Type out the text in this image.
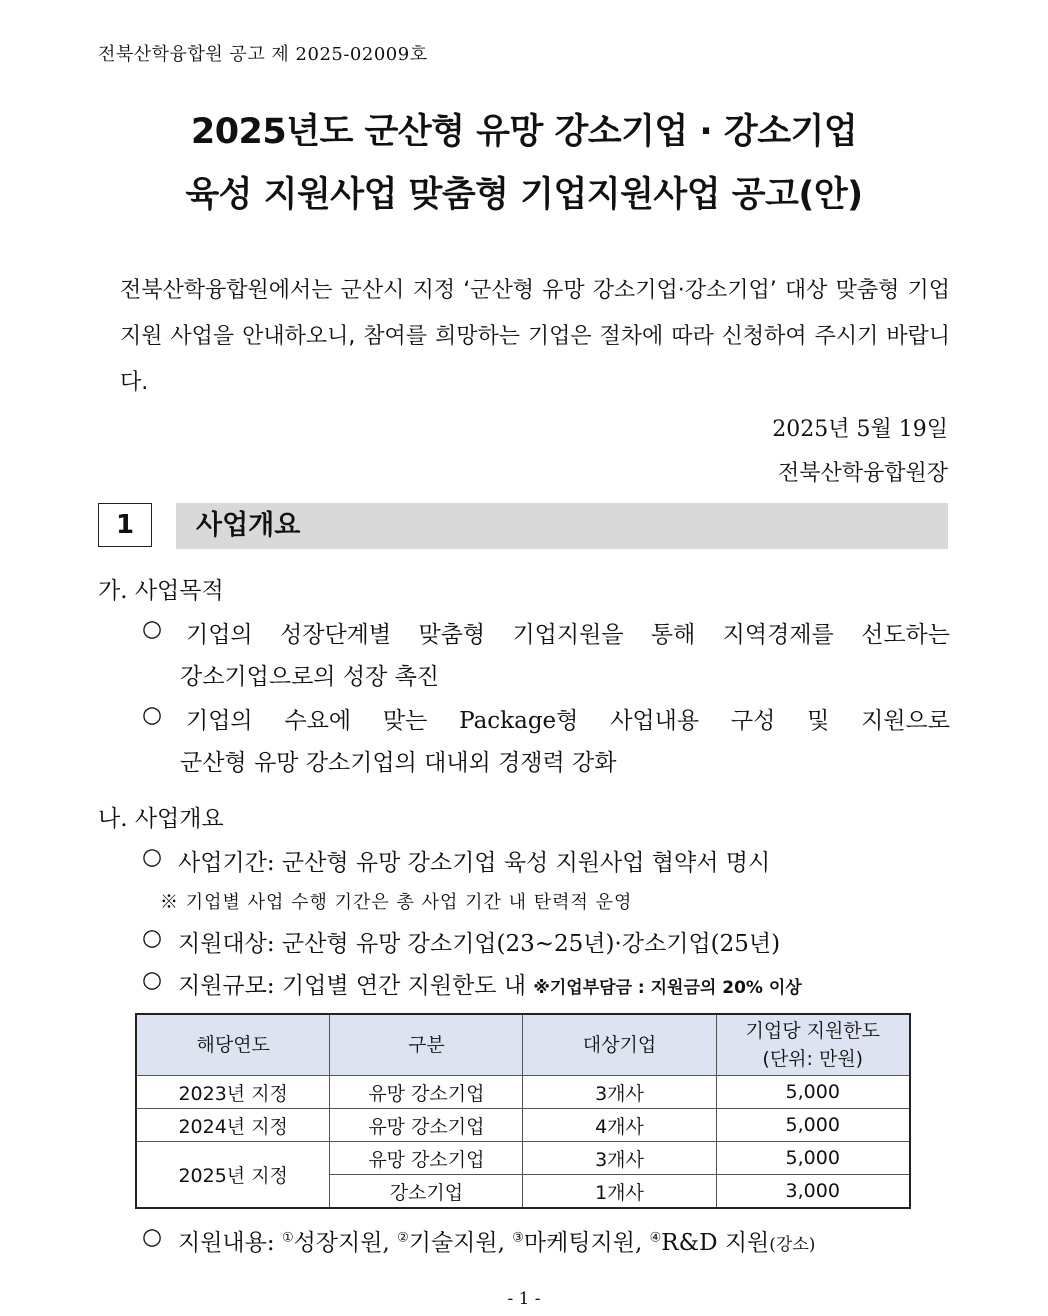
전북산학융합원 공고 제 2025-02009호
2025년도 군산형 유망 강소기업 · 강소기업
육성 지원사업 맞춤형 기업지원사업 공고(안)
전북산학융합원에서는 군산시 지정 ‘군산형 유망 강소기업·강소기업’ 대상 맞춤형 기업 지원 사업을 안내하오니, 참여를 희망하는 기업은 절차에 따라 신청하여 주시기 바랍니다.
2025년 5월 19일
전북산학융합원장
1	사업개요
가. 사업목적
○ 기업의 성장단계별 맞춤형 기업지원을 통해 지역경제를 선도하는
강소기업으로의 성장 촉진
○ 기업의 수요에 맞는 Package형 사업내용 구성 및 지원으로
군산형 유망 강소기업의 대내외 경쟁력 강화
나. 사업개요
○ 사업기간: 군산형 유망 강소기업 육성 지원사업 협약서 명시
※ 기업별 사업 수행 기간은 총 사업 기간 내 탄력적 운영
○ 지원대상: 군산형 유망 강소기업(23~25년)·강소기업(25년)
○ 지원규모: 기업별 연간 지원한도 내 ※기업부담금 : 지원금의 20% 이상
해당연도	구분	대상기업	기업당 지원한도
(단위: 만원)

2023년 지정	유망 강소기업	3개사	5,000
2024년 지정	유망 강소기업	4개사	5,000
2025년 지정	유망 강소기업	3개사	5,000
	강소기업	1개사	3,000
○ 지원내용: ①성장지원, ②기술지원, ③마케팅지원, ④R&D 지원(강소)
- 1 -
